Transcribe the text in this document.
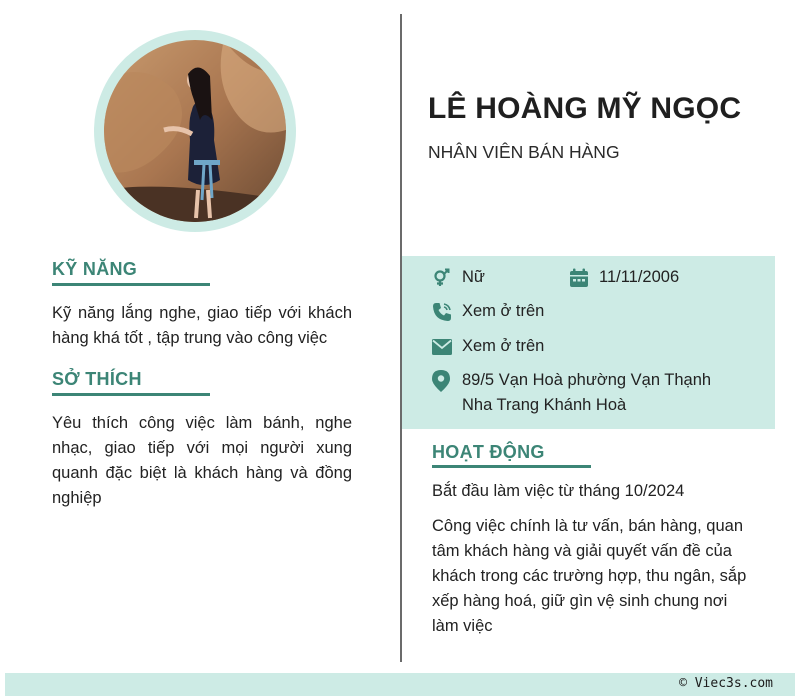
KỸ NĂNG
Kỹ năng lắng nghe, giao tiếp với khách hàng khá tốt , tập trung vào công việc
SỞ THÍCH
Yêu thích công việc làm bánh, nghe nhạc, giao tiếp với mọi người xung quanh đặc biệt là khách hàng và đồng nghiệp
LÊ HOÀNG MỸ NGỌC
NHÂN VIÊN BÁN HÀNG
Nữ	11/11/2006
Xem ở trên
Xem ở trên
89/5 Vạn Hoà phường Vạn Thạnh
Nha Trang Khánh Hoà
HOẠT ĐỘNG
Bắt đầu làm việc từ tháng 10/2024
Công việc chính là tư vấn, bán hàng, quan tâm khách hàng và giải quyết vấn đề của khách trong các trường hợp, thu ngân, sắp xếp hàng hoá, giữ gìn vệ sinh chung nơi làm việc
© Viec3s.com
